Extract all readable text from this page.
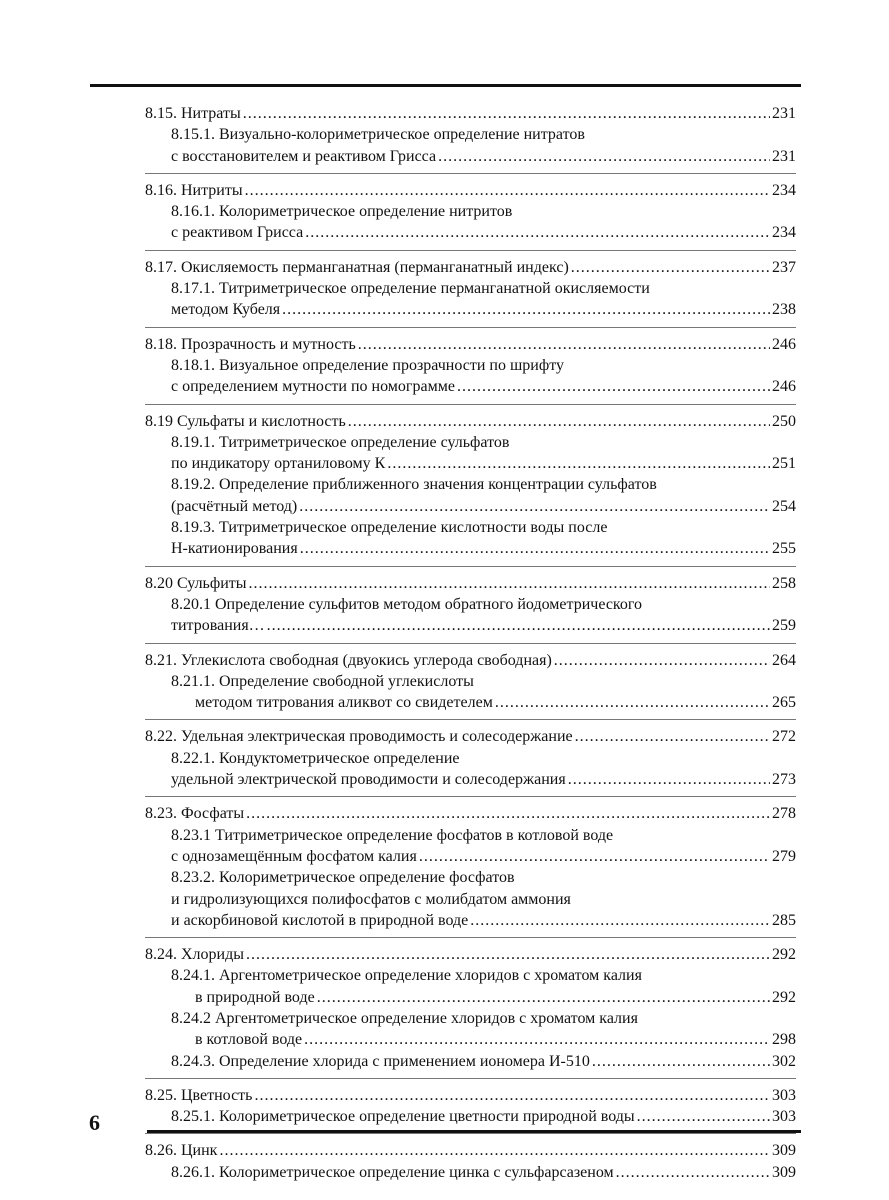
8.15. Нитраты . . .	231
8.15.1. Визуально-колориметрическое определение нитратов
с восстановителем и реактивом Грисса . . .	231
8.16. Нитриты . . .	234
8.16.1. Колориметрическое определение нитритов
с реактивом Грисса . . .	234
8.17. Окисляемость перманганатная (перманганатный индекс) . . .	237
8.17.1. Титриметрическое определение перманганатной окисляемости
методом Кубеля . . .	238
8.18. Прозрачность и мутность . . .	246
8.18.1. Визуальное определение прозрачности по шрифту
с определением мутности по номограмме . . .	246
8.19 Сульфаты и кислотность . . .	250
8.19.1. Титриметрическое определение сульфатов
по индикатору ортаниловому К . . .	251
8.19.2. Определение приближенного значения концентрации сульфатов
(расчётный метод) . . .	254
8.19.3. Титриметрическое определение кислотности воды после
Н-катионирования . . .	255
8.20 Сульфиты . . .	258
8.20.1 Определение сульфитов методом обратного йодометрического
титрования… . . .	259
8.21. Углекислота свободная (двуокись углерода свободная) . . .	264
8.21.1. Определение свободной углекислоты
методом титрования аликвот со свидетелем . . .	265
8.22. Удельная электрическая проводимость и солесодержание . . .	272
8.22.1. Кондуктометрическое определение
удельной электрической проводимости и солесодержания . . .	273
8.23. Фосфаты . . .	278
8.23.1 Титриметрическое определение фосфатов в котловой воде
с однозамещённым фосфатом калия . . .	279
8.23.2. Колориметрическое определение фосфатов
и гидролизующихся полифосфатов с молибдатом аммония
и аскорбиновой кислотой в природной воде . . .	285
8.24. Хлориды . . .	292
8.24.1. Аргентометрическое определение хлоридов с хроматом калия
в природной воде . . .	292
8.24.2 Аргентометрическое определение хлоридов с хроматом калия
в котловой воде . . .	298
8.24.3. Определение хлорида с применением иономера И-510 . . .	302
8.25. Цветность . . .	303
8.25.1. Колориметрическое определение цветности природной воды . . .	303
8.26. Цинк . . .	309
8.26.1. Колориметрическое определение цинка с сульфарсазеном . . .	309
6
